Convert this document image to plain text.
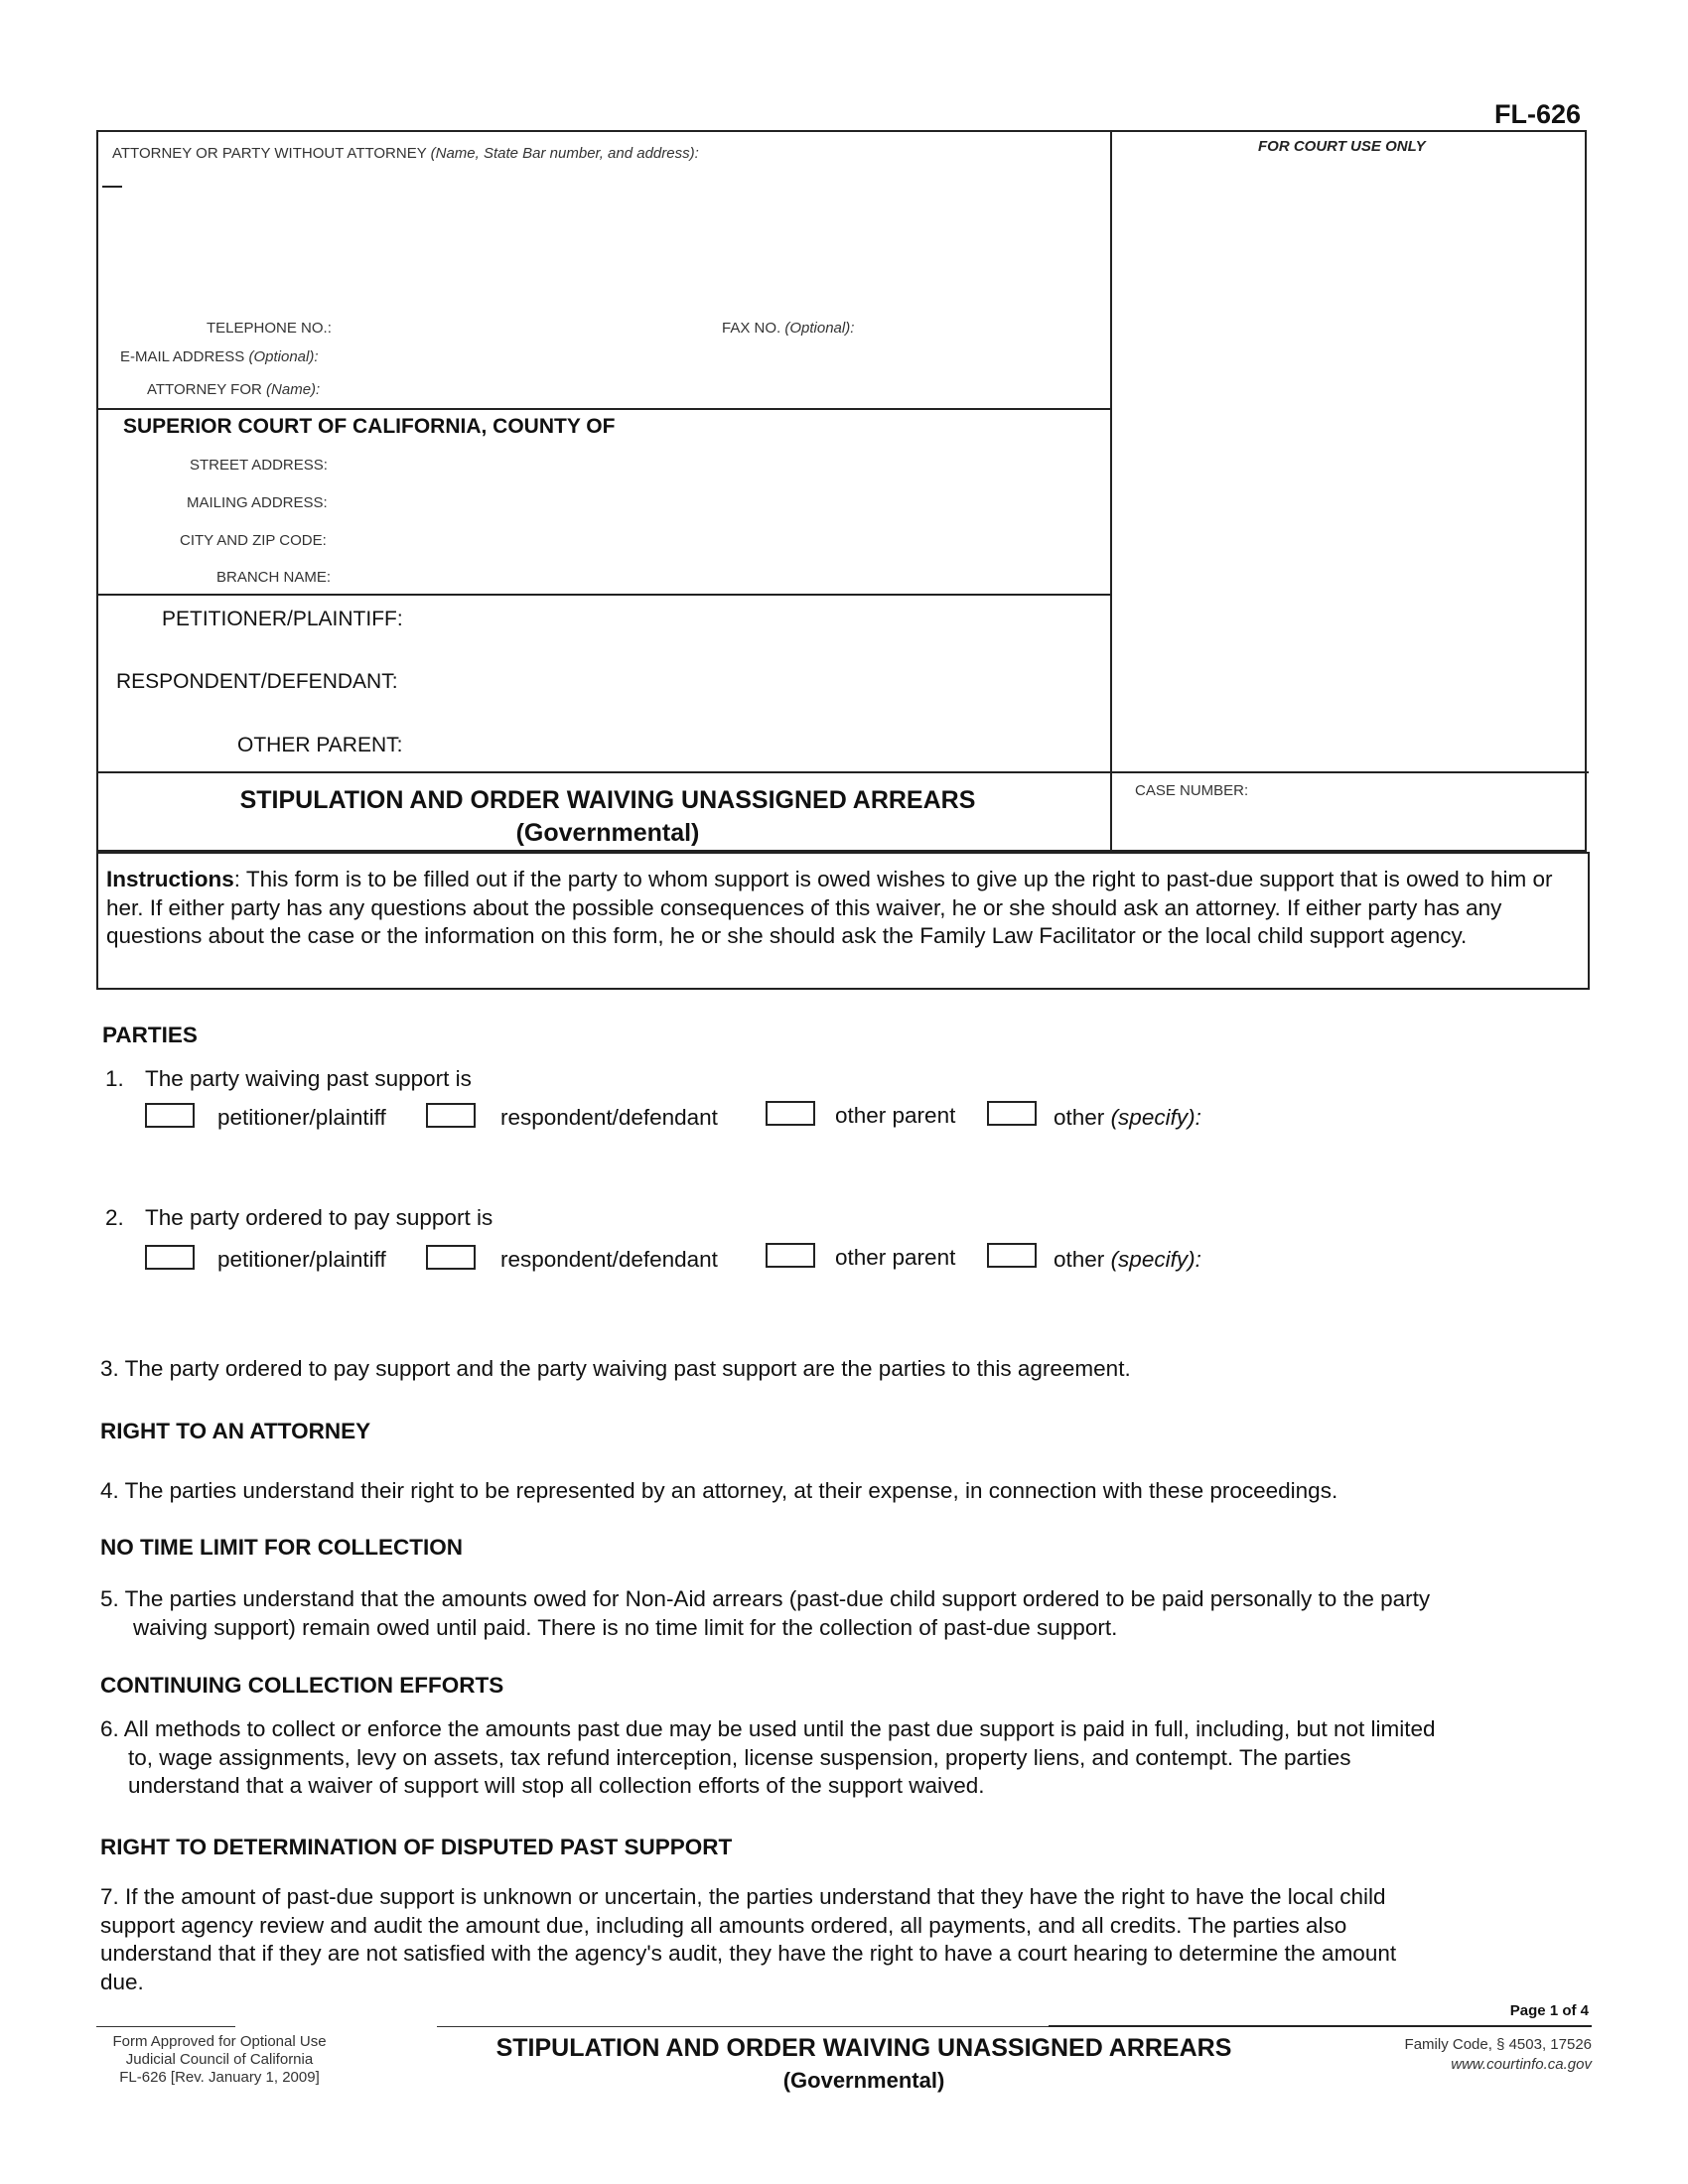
FL-626
ATTORNEY OR PARTY WITHOUT ATTORNEY (Name, State Bar number, and address):	FOR COURT USE ONLY
TELEPHONE NO.:	FAX NO. (Optional):
E-MAIL ADDRESS (Optional):
ATTORNEY FOR (Name):
SUPERIOR COURT OF CALIFORNIA, COUNTY OF
STREET ADDRESS:
MAILING ADDRESS:
CITY AND ZIP CODE:
BRANCH NAME:
PETITIONER/PLAINTIFF:
RESPONDENT/DEFENDANT:
OTHER PARENT:
STIPULATION AND ORDER WAIVING UNASSIGNED ARREARS
(Governmental)
CASE NUMBER:
Instructions: This form is to be filled out if the party to whom support is owed wishes to give up the right to past-due support that is owed to him or her. If either party has any questions about the possible consequences of this waiver, he or she should ask an attorney. If either party has any questions about the case or the information on this form, he or she should ask the Family Law Facilitator or the local child support agency.
PARTIES
1. The party waiving past support is
petitioner/plaintiff	respondent/defendant	other parent	other (specify):
2. The party ordered to pay support is
petitioner/plaintiff	respondent/defendant	other parent	other (specify):
3. The party ordered to pay support and the party waiving past support are the parties to this agreement.
RIGHT TO AN ATTORNEY
4. The parties understand their right to be represented by an attorney, at their expense, in connection with these proceedings.
NO TIME LIMIT FOR COLLECTION
5. The parties understand that the amounts owed for Non-Aid arrears (past-due child support ordered to be paid personally to the party
waiving support) remain owed until paid. There is no time limit for the collection of past-due support.
CONTINUING COLLECTION EFFORTS
6. All methods to collect or enforce the amounts past due may be used until the past due support is paid in full, including, but not limited
to, wage assignments, levy on assets, tax refund interception, license suspension, property liens, and contempt. The parties
understand that a waiver of support will stop all collection efforts of the support waived.
RIGHT TO DETERMINATION OF DISPUTED PAST SUPPORT
7. If the amount of past-due support is unknown or uncertain, the parties understand that they have the right to have the local child
support agency review and audit the amount due, including all amounts ordered, all payments, and all credits. The parties also
understand that if they are not satisfied with the agency's audit, they have the right to have a court hearing to determine the amount
due.
Page 1 of 4
Form Approved for Optional Use
Judicial Council of California
FL-626 [Rev. January 1, 2009]
STIPULATION AND ORDER WAIVING UNASSIGNED ARREARS
(Governmental)
Family Code, § 4503, 17526
www.courtinfo.ca.gov
